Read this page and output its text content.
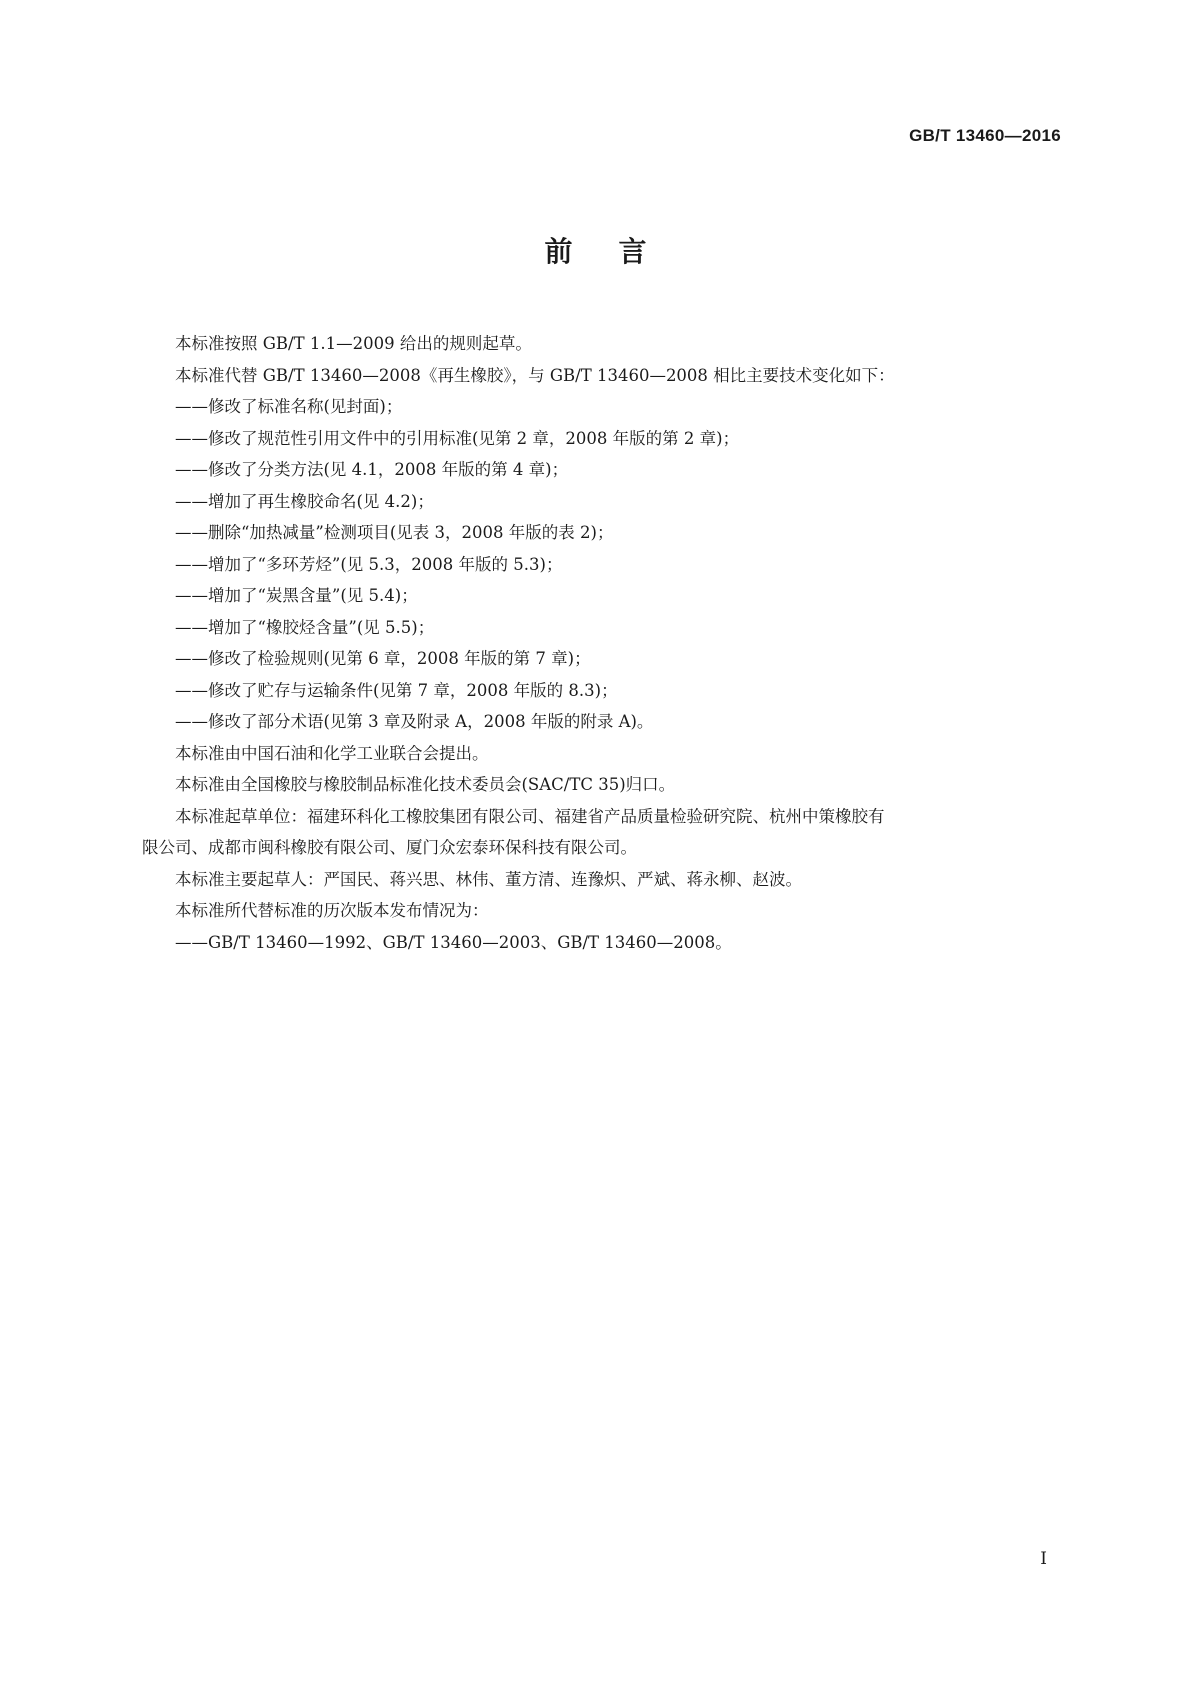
GB/T 13460—2016
前言

本标准按照 GB/T 1.1—2009 给出的规则起草。

本标准代替 GB/T 13460—2008《再生橡胶》，与 GB/T 13460—2008 相比主要技术变化如下：

——修改了标准名称(见封面)；

——修改了规范性引用文件中的引用标准(见第 2 章，2008 年版的第 2 章)；

——修改了分类方法(见 4.1，2008 年版的第 4 章)；

——增加了再生橡胶命名(见 4.2)；

——删除“加热减量”检测项目(见表 3，2008 年版的表 2)；

——增加了“多环芳烃”(见 5.3，2008 年版的 5.3)；

——增加了“炭黑含量”(见 5.4)；

——增加了“橡胶烃含量”(见 5.5)；

——修改了检验规则(见第 6 章，2008 年版的第 7 章)；

——修改了贮存与运输条件(见第 7 章，2008 年版的 8.3)；

——修改了部分术语(见第 3 章及附录 A，2008 年版的附录 A)。

本标准由中国石油和化学工业联合会提出。

本标准由全国橡胶与橡胶制品标准化技术委员会(SAC/TC 35)归口。

本标准起草单位：福建环科化工橡胶集团有限公司、福建省产品质量检验研究院、杭州中策橡胶有

限公司、成都市闽科橡胶有限公司、厦门众宏泰环保科技有限公司。

本标准主要起草人：严国民、蒋兴思、林伟、董方清、连豫炽、严斌、蒋永柳、赵波。

本标准所代替标准的历次版本发布情况为：

——GB/T 13460—1992、GB/T 13460—2003、GB/T 13460—2008。

I
